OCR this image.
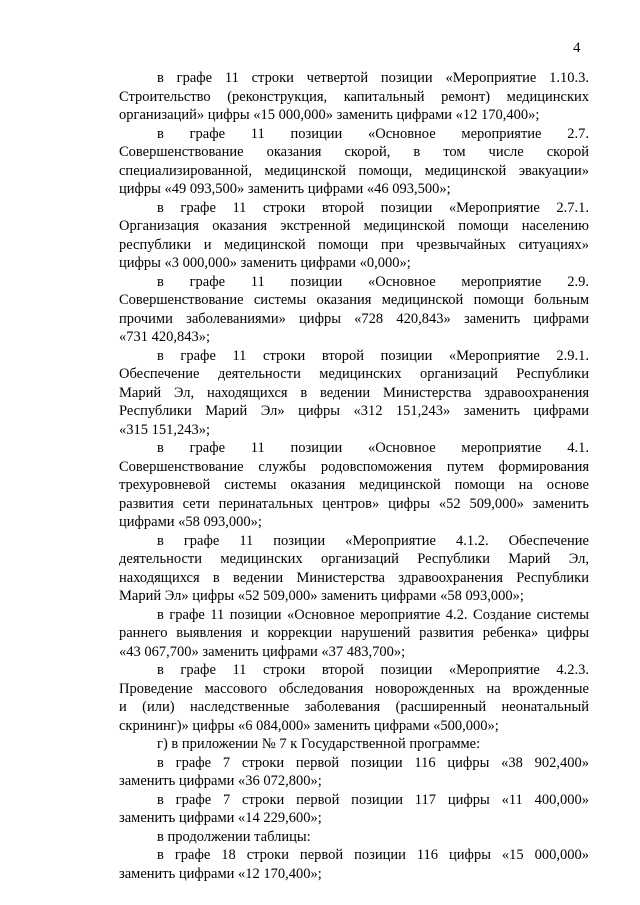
4
в графе 11 строки четвертой позиции «Мероприятие 1.10.3.
Строительство (реконструкция, капитальный ремонт) медицинских
организаций» цифры «15 000,000» заменить цифрами «12 170,400»;
в графе 11 позиции «Основное мероприятие 2.7.
Совершенствование оказания скорой, в том числе скорой
специализированной, медицинской помощи, медицинской эвакуации»
цифры «49 093,500» заменить цифрами «46 093,500»;
в графе 11 строки второй позиции «Мероприятие 2.7.1.
Организация оказания экстренной медицинской помощи населению
республики и медицинской помощи при чрезвычайных ситуациях»
цифры «3 000,000» заменить цифрами «0,000»;
в графе 11 позиции «Основное мероприятие 2.9.
Совершенствование системы оказания медицинской помощи больным
прочими заболеваниями» цифры «728 420,843» заменить цифрами
«731 420,843»;
в графе 11 строки второй позиции «Мероприятие 2.9.1.
Обеспечение деятельности медицинских организаций Республики
Марий Эл, находящихся в ведении Министерства здравоохранения
Республики Марий Эл» цифры «312 151,243» заменить цифрами
«315 151,243»;
в графе 11 позиции «Основное мероприятие 4.1.
Совершенствование службы родовспоможения путем формирования
трехуровневой системы оказания медицинской помощи на основе
развития сети перинатальных центров» цифры «52 509,000» заменить
цифрами «58 093,000»;
в графе 11 позиции «Мероприятие 4.1.2. Обеспечение
деятельности медицинских организаций Республики Марий Эл,
находящихся в ведении Министерства здравоохранения Республики
Марий Эл» цифры «52 509,000» заменить цифрами «58 093,000»;
в графе 11 позиции «Основное мероприятие 4.2. Создание системы
раннего выявления и коррекции нарушений развития ребенка» цифры
«43 067,700» заменить цифрами «37 483,700»;
в графе 11 строки второй позиции «Мероприятие 4.2.3.
Проведение массового обследования новорожденных на врожденные
и (или) наследственные заболевания (расширенный неонатальный
скрининг)» цифры «6 084,000» заменить цифрами «500,000»;
г) в приложении № 7 к Государственной программе:
в графе 7 строки первой позиции 116 цифры «38 902,400»
заменить цифрами «36 072,800»;
в графе 7 строки первой позиции 117 цифры «11 400,000»
заменить цифрами «14 229,600»;
в продолжении таблицы:
в графе 18 строки первой позиции 116 цифры «15 000,000»
заменить цифрами «12 170,400»;
